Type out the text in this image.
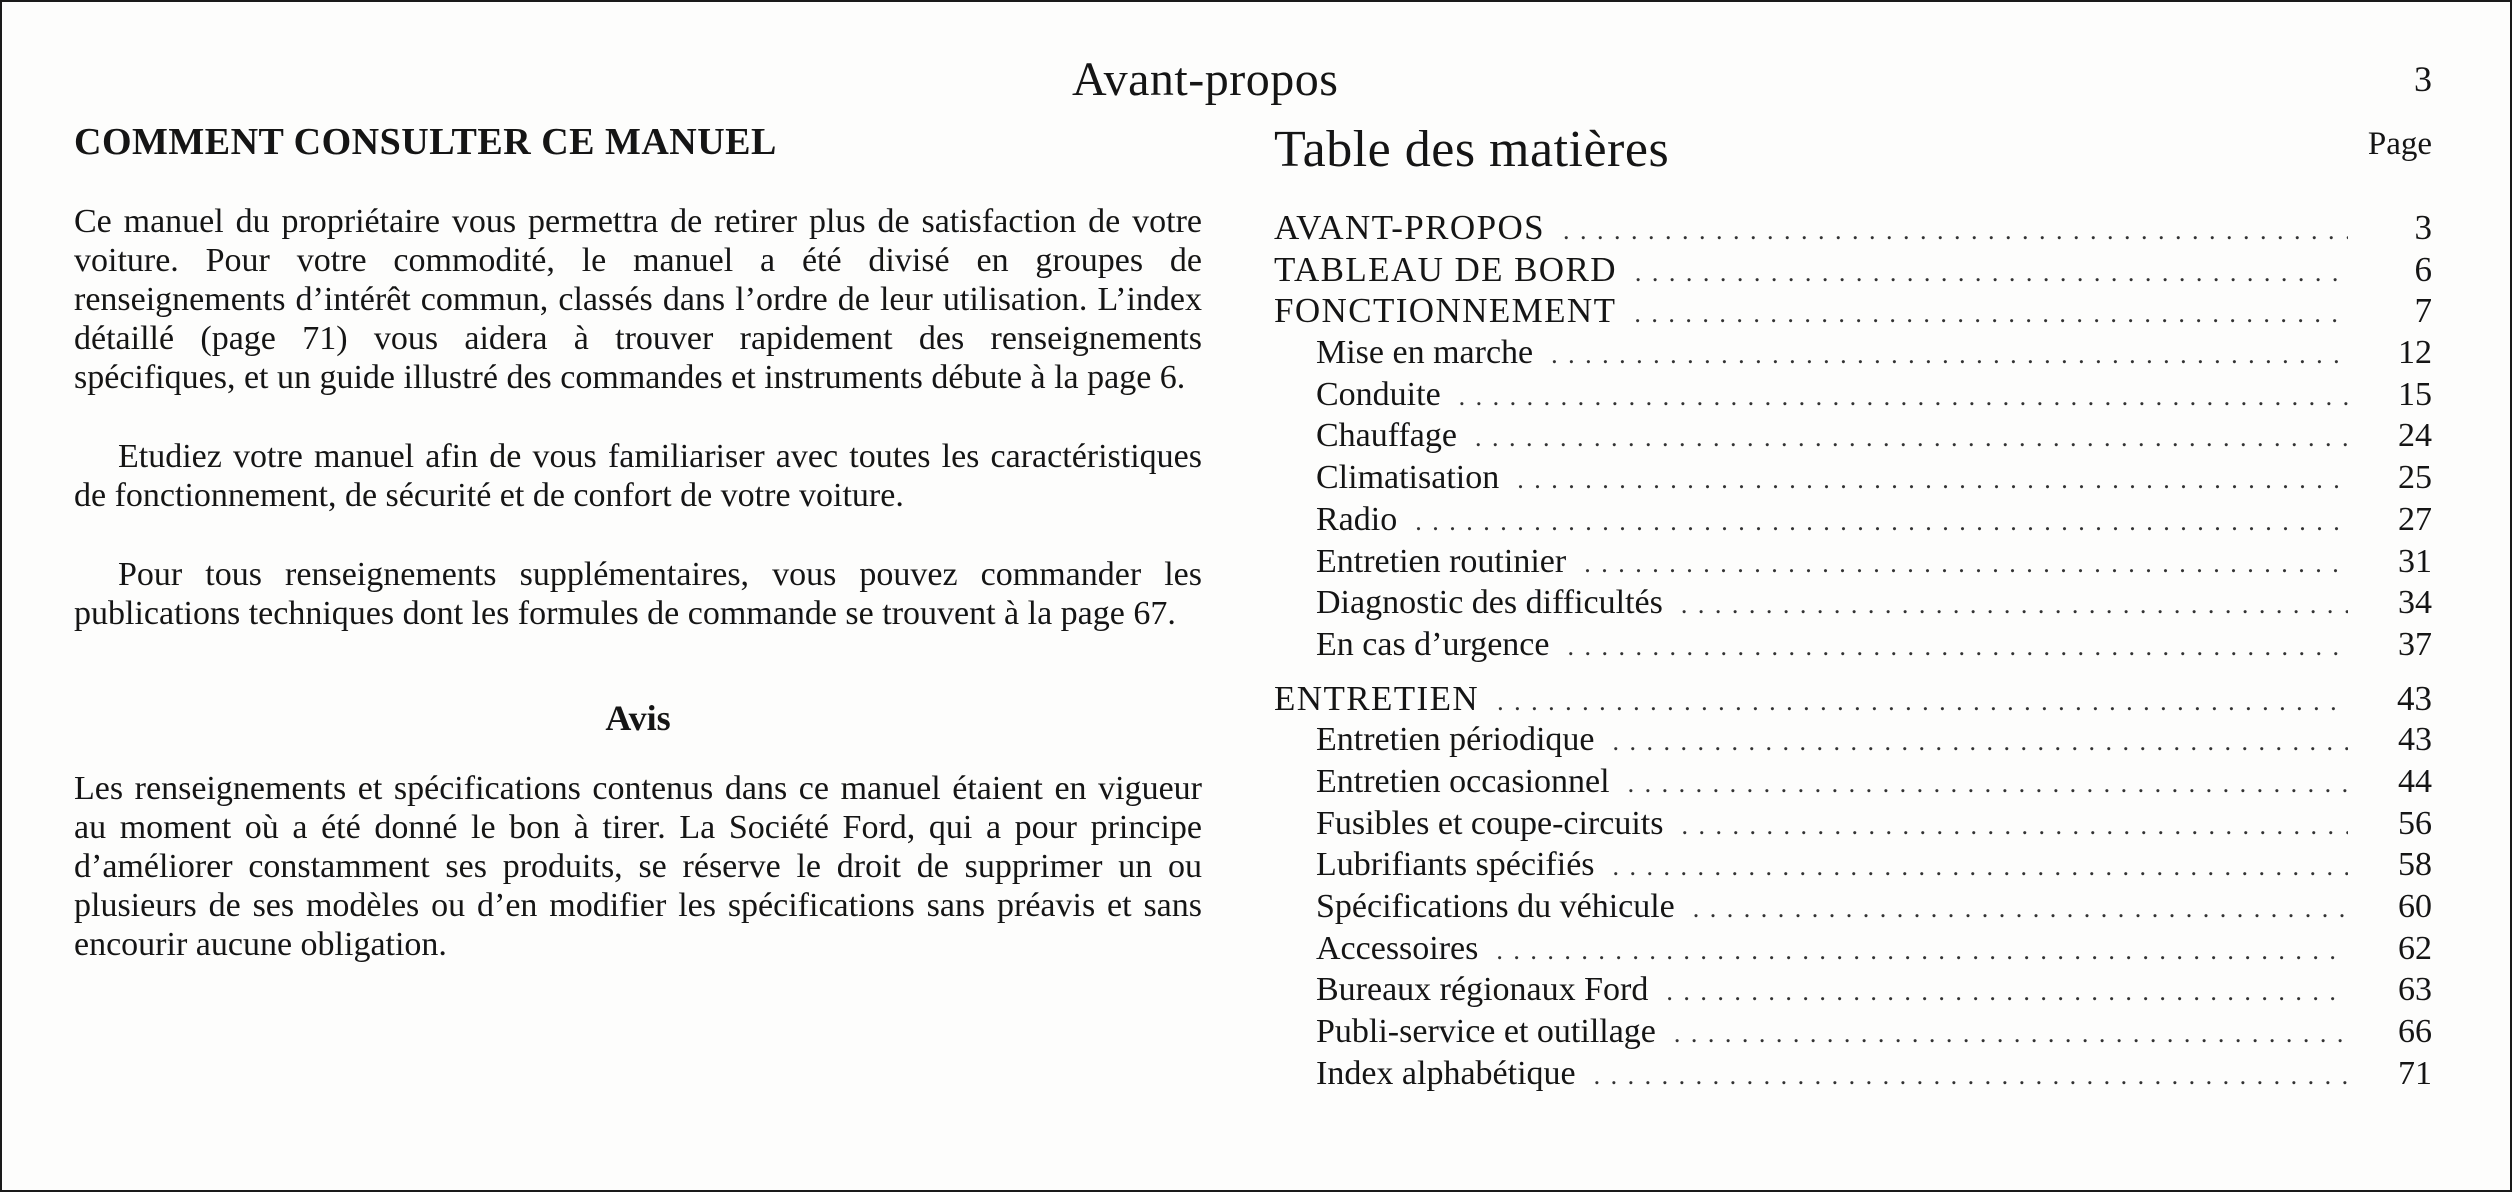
Avant-propos	3
COMMENT CONSULTER CE MANUEL

Ce manuel du propriétaire vous permettra de retirer plus de satisfaction de votre voiture. Pour votre commodité, le manuel a été divisé en groupes de renseignements d’intérêt commun, classés dans l’ordre de leur utilisation. L’index détaillé (page 71) vous aidera à trouver rapidement des renseignements spécifiques, et un guide illustré des commandes et instruments débute à la page 6.

Etudiez votre manuel afin de vous familiariser avec toutes les caractéristiques de fonctionnement, de sécurité et de confort de votre voiture.

Pour tous renseignements supplémentaires, vous pouvez commander les publications techniques dont les formules de commande se trouvent à la page 67.

Avis

Les renseignements et spécifications contenus dans ce manuel étaient en vigueur au moment où a été donné le bon à tirer. La Société Ford, qui a pour principe d’améliorer constamment ses produits, se réserve le droit de supprimer un ou plusieurs de ses modèles ou d’en modifier les spécifications sans préavis et sans encourir aucune obligation.

Table des matières	Page
AVANT-PROPOS . . .	3
TABLEAU DE BORD . . .	6
FONCTIONNEMENT . . .	7
Mise en marche . . .	12
Conduite . . .	15
Chauffage . . .	24
Climatisation . . .	25
Radio . . .	27
Entretien routinier . . .	31
Diagnostic des difficultés . . .	34
En cas d’urgence . . .	37
ENTRETIEN . . .	43
Entretien périodique . . .	43
Entretien occasionnel . . .	44
Fusibles et coupe-circuits . . .	56
Lubrifiants spécifiés . . .	58
Spécifications du véhicule . . .	60
Accessoires . . .	62
Bureaux régionaux Ford . . .	63
Publi-service et outillage . . .	66
Index alphabétique . . .	71
